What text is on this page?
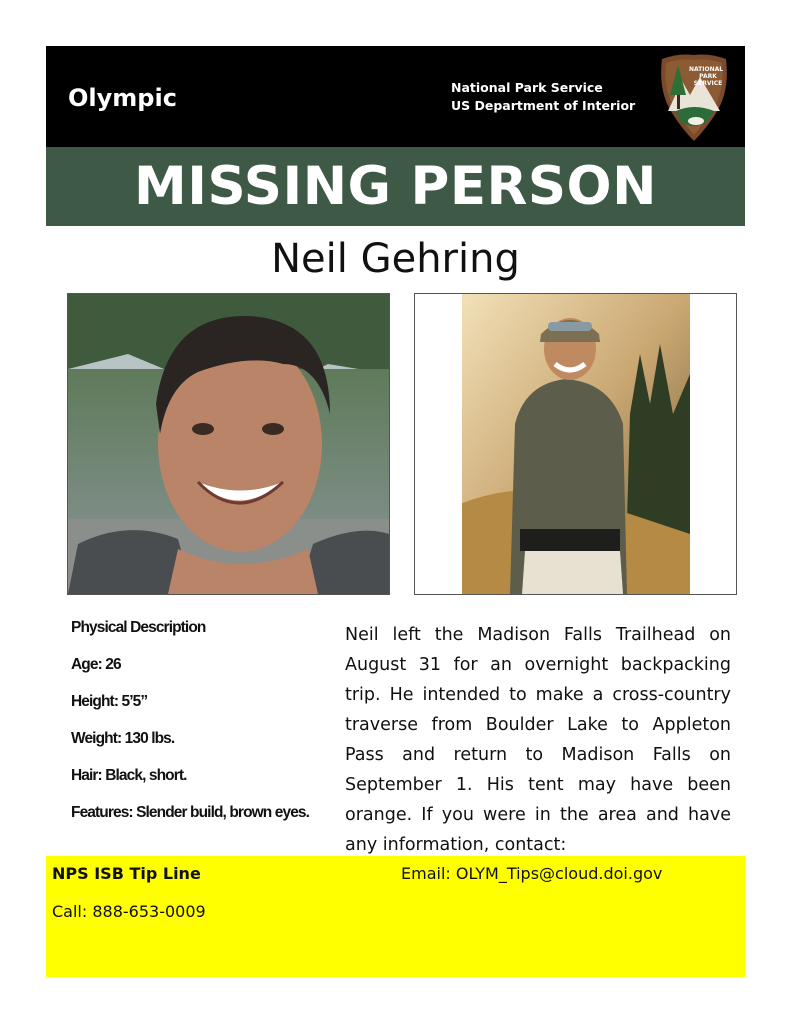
Olympic	National Park Service
US Department of Interior
NATIONAL
PARK
SERVICE
MISSING PERSON
Neil Gehring
Physical Description
Age: 26
Height: 5’5”
Weight: 130 lbs.
Hair: Black, short.
Features: Slender build, brown eyes.
Neil left the Madison Falls Trailhead on August 31 for an overnight backpacking trip. He intended to make a cross-country traverse from Boulder Lake to Appleton Pass and return to Madison Falls on September 1. His tent may have been orange. If you were in the area and have any information, contact:
NPS ISB Tip Line	Email: OLYM_Tips@cloud.doi.gov
Call: 888-653-0009
